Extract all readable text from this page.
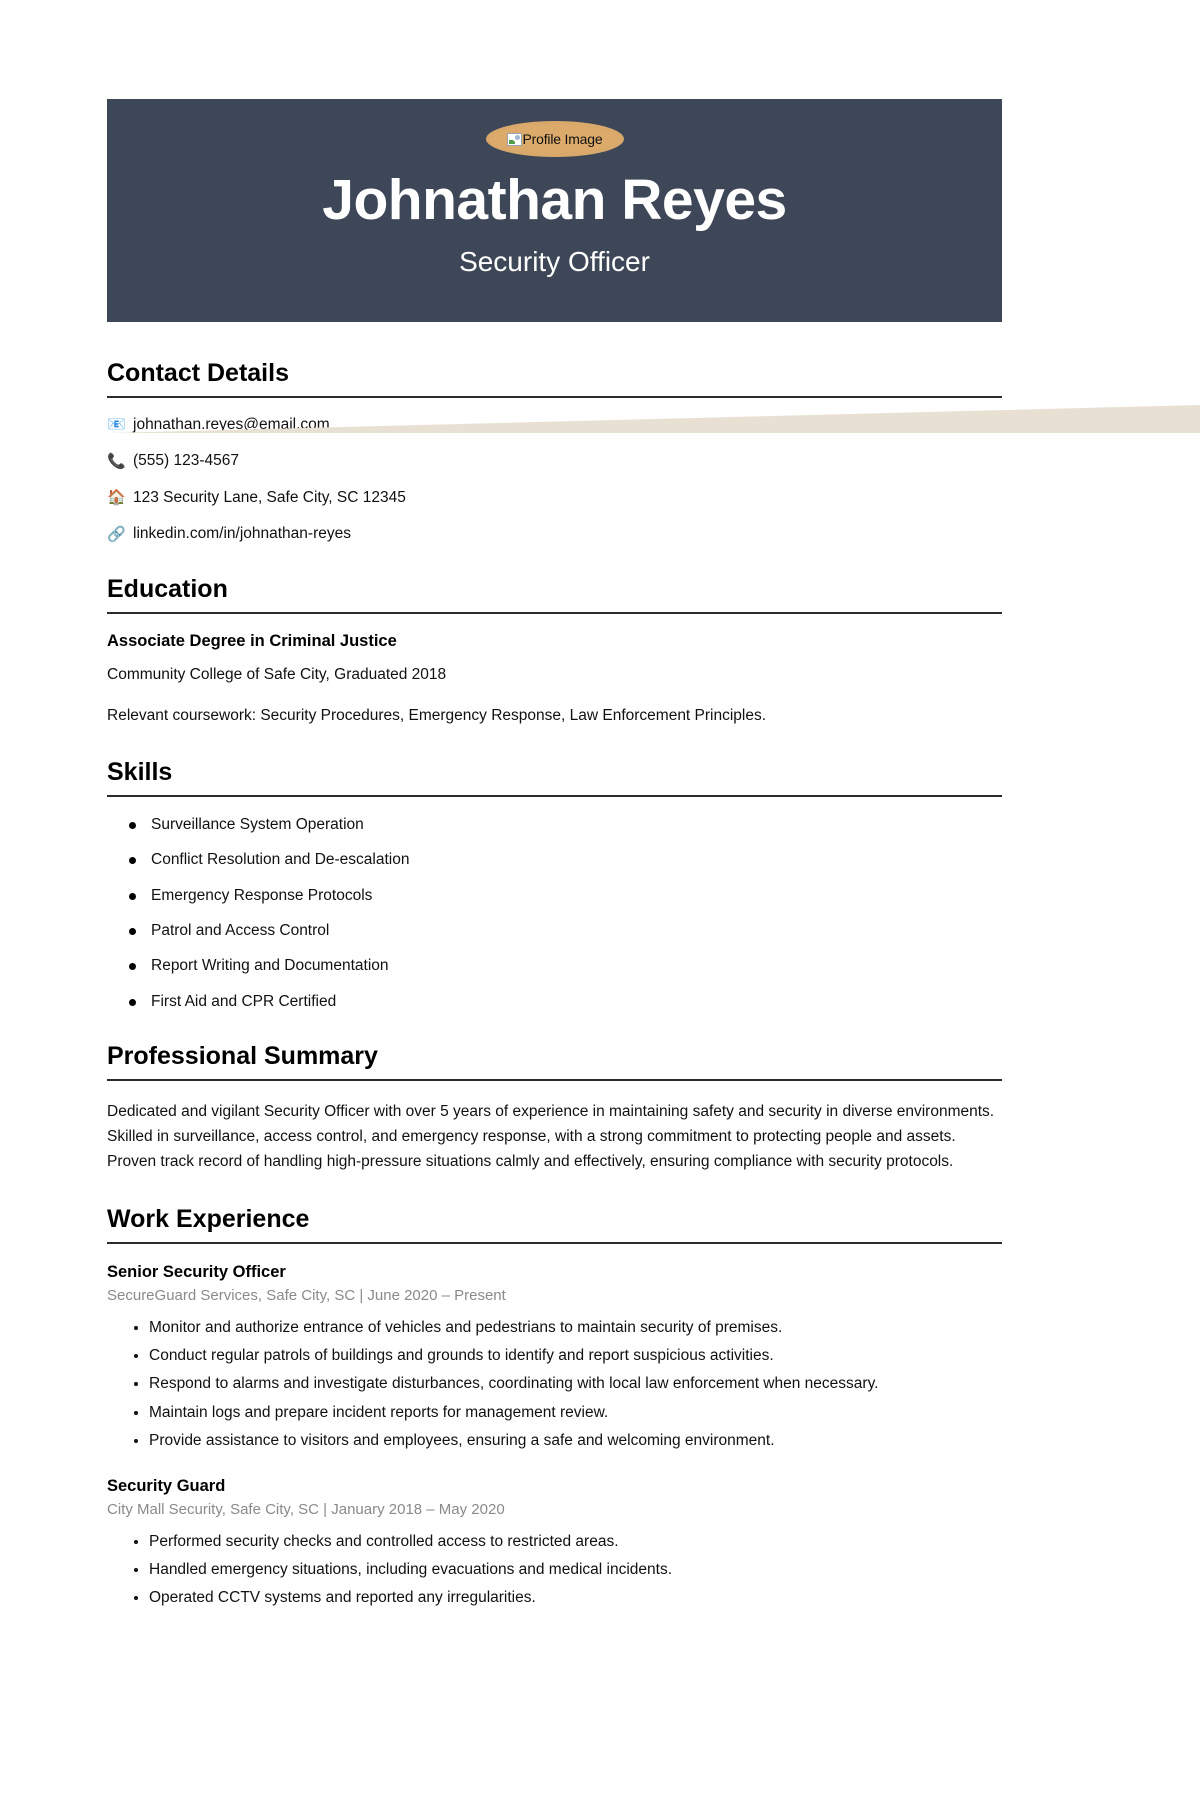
Profile Image
Johnathan Reyes
Security Officer
Contact Details
📧 johnathan.reyes@email.com
📞 (555) 123-4567
🏠 123 Security Lane, Safe City, SC 12345
🔗 linkedin.com/in/johnathan-reyes
Education
Associate Degree in Criminal Justice

Community College of Safe City, Graduated 2018

Relevant coursework: Security Procedures, Emergency Response, Law Enforcement Principles.

Skills
Surveillance System Operation
Conflict Resolution and De-escalation
Emergency Response Protocols
Patrol and Access Control
Report Writing and Documentation
First Aid and CPR Certified
Professional Summary

Dedicated and vigilant Security Officer with over 5 years of experience in maintaining safety and security in diverse environments. Skilled in surveillance, access control, and emergency response, with a strong commitment to protecting people and assets. Proven track record of handling high-pressure situations calmly and effectively, ensuring compliance with security protocols.

Work Experience
Senior Security Officer
SecureGuard Services, Safe City, SC | June 2020 – Present
• Monitor and authorize entrance of vehicles and pedestrians to maintain security of premises.
• Conduct regular patrols of buildings and grounds to identify and report suspicious activities.
• Respond to alarms and investigate disturbances, coordinating with local law enforcement when necessary.
• Maintain logs and prepare incident reports for management review.
• Provide assistance to visitors and employees, ensuring a safe and welcoming environment.
Security Guard
City Mall Security, Safe City, SC | January 2018 – May 2020
• Performed security checks and controlled access to restricted areas.
• Handled emergency situations, including evacuations and medical incidents.
• Operated CCTV systems and reported any irregularities.
